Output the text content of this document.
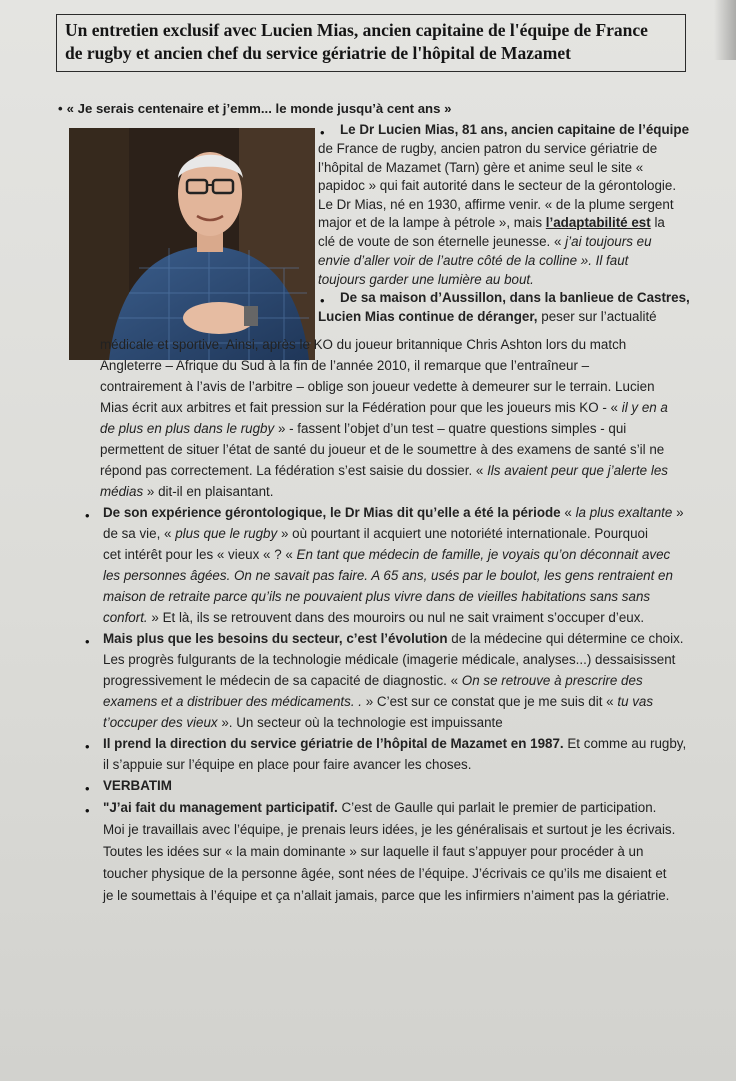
Un entretien exclusif avec Lucien Mias, ancien capitaine de l'équipe de France
de rugby et ancien chef du service gériatrie de l'hôpital de Mazamet
• « Je serais centenaire et j’emm... le monde jusqu’à cent ans »
• Le Dr Lucien Mias, 81 ans, ancien capitaine de l’équipe
de France de rugby, ancien patron du service gériatrie de
l’hôpital de Mazamet (Tarn) gère et anime seul le site «
papidoc » qui fait autorité dans le secteur de la gérontologie.
Le Dr Mias, né en 1930, affirme venir. « de la plume sergent
major et de la lampe à pétrole », mais l’adaptabilité est la
clé de voute de son éternelle jeunesse. « j’ai toujours eu
envie d’aller voir de l’autre côté de la colline ». Il faut
toujours garder une lumière au bout.
• De sa maison d’Aussillon, dans la banlieue de Castres,
Lucien Mias continue de déranger, peser sur l’actualité
médicale et sportive. Ainsi, après le KO du joueur britannique Chris Ashton lors du match
Angleterre – Afrique du Sud à la fin de l’année 2010, il remarque que l’entraîneur –
contrairement à l’avis de l’arbitre – oblige son joueur vedette à demeurer sur le terrain. Lucien
Mias écrit aux arbitres et fait pression sur la Fédération pour que les joueurs mis KO - « il y en a
de plus en plus dans le rugby » - fassent l’objet d’un test – quatre questions simples - qui
permettent de situer l’état de santé du joueur et de le soumettre à des examens de santé s’il ne
répond pas correctement. La fédération s’est saisie du dossier. « Ils avaient peur que j’alerte les
médias » dit-il en plaisantant.
• De son expérience gérontologique, le Dr Mias dit qu’elle a été la période « la plus exaltante »
de sa vie, « plus que le rugby » où pourtant il acquiert une notoriété internationale. Pourquoi
cet intérêt pour les « vieux « ? « En tant que médecin de famille, je voyais qu’on déconnait avec
les personnes âgées. On ne savait pas faire. A 65 ans, usés par le boulot, les gens rentraient en
maison de retraite parce qu’ils ne pouvaient plus vivre dans de vieilles habitations sans sans
confort. » Et là, ils se retrouvent dans des mouroirs ou nul ne sait vraiment s’occuper d’eux.
• Mais plus que les besoins du secteur, c’est l’évolution de la médecine qui détermine ce choix.
Les progrès fulgurants de la technologie médicale (imagerie médicale, analyses...) dessaisissent
progressivement le médecin de sa capacité de diagnostic. « On se retrouve à prescrire des
examens et a distribuer des médicaments. . » C’est sur ce constat que je me suis dit « tu vas
t’occuper des vieux ». Un secteur où la technologie est impuissante
• Il prend la direction du service gériatrie de l’hôpital de Mazamet en 1987. Et comme au rugby,
il s’appuie sur l’équipe en place pour faire avancer les choses.
• VERBATIM
• "J’ai fait du management participatif. C’est de Gaulle qui parlait le premier de participation.
Moi je travaillais avec l’équipe, je prenais leurs idées, je les généralisais et surtout je les écrivais.
Toutes les idées sur « la main dominante » sur laquelle il faut s’appuyer pour procéder à un
toucher physique de la personne âgée, sont nées de l’équipe. J’écrivais ce qu’ils me disaient et
je le soumettais à l’équipe et ça n’allait jamais, parce que les infirmiers n’aiment pas la gériatrie.
